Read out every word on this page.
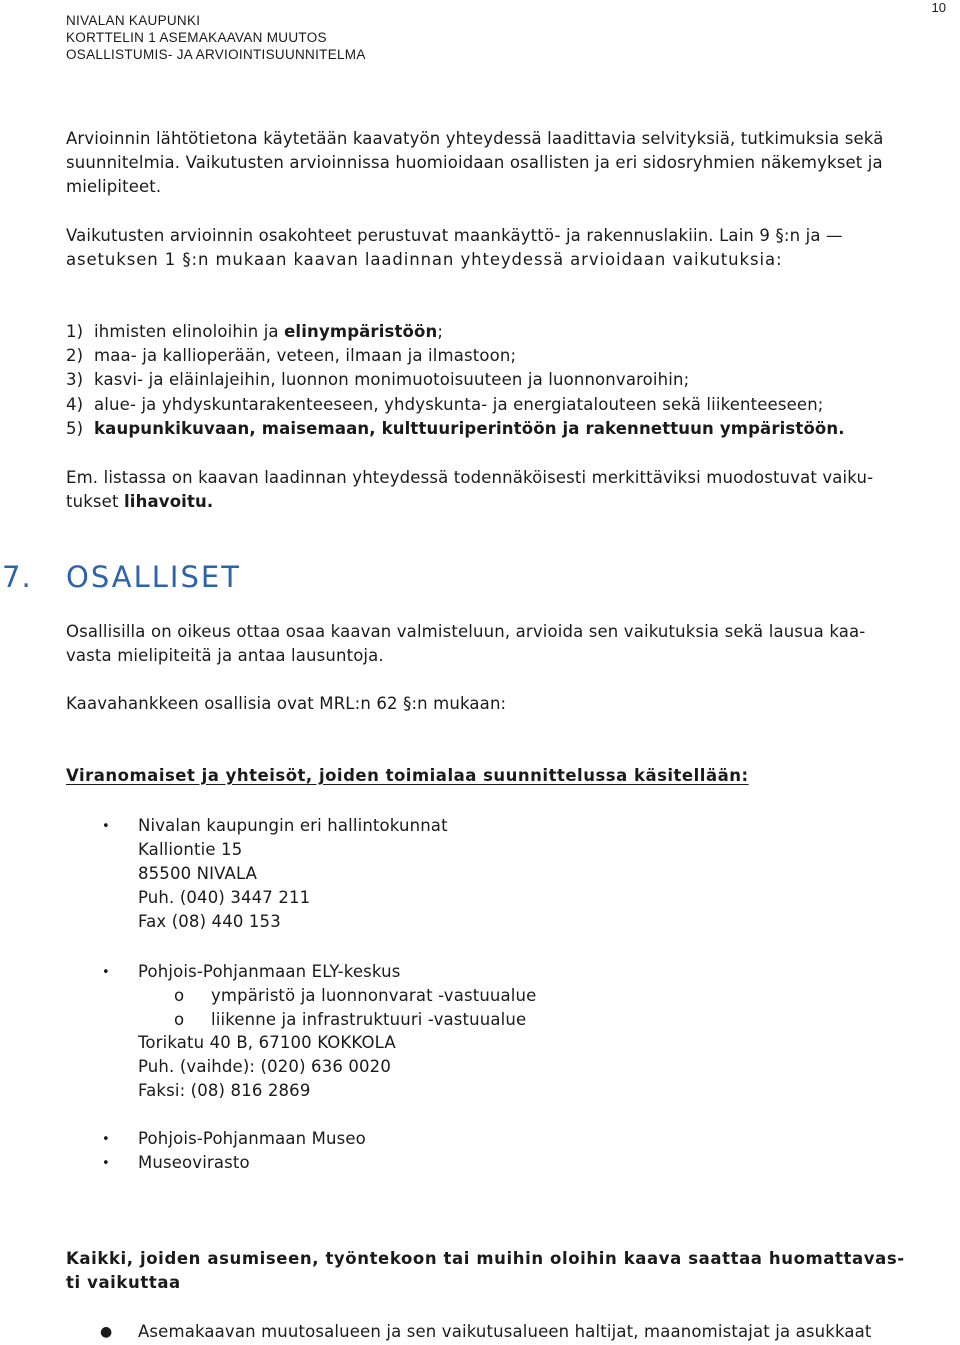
NIVALAN KAUPUNKI
KORTTELIN 1 ASEMAKAAVAN MUUTOS
OSALLISTUMIS- JA ARVIOINTISUUNNITELMA
10
Arvioinnin lähtötietona käytetään kaavatyön yhteydessä laadittavia selvityksiä, tutkimuksia sekä
suunnitelmia. Vaikutusten arvioinnissa huomioidaan osallisten ja eri sidosryhmien näkemykset ja
mielipiteet.
Vaikutusten arvioinnin osakohteet perustuvat maankäyttö- ja rakennuslakiin. Lain 9 §:n ja —
asetuksen 1 §:n mukaan kaavan laadinnan yhteydessä arvioidaan vaikutuksia:
1) ihmisten elinoloihin ja elinympäristöön;
2) maa- ja kallioperään, veteen, ilmaan ja ilmastoon;
3) kasvi- ja eläinlajeihin, luonnon monimuotoisuuteen ja luonnonvaroihin;
4) alue- ja yhdyskuntarakenteeseen, yhdyskunta- ja energiatalouteen sekä liikenteeseen;
5) kaupunkikuvaan, maisemaan, kulttuuriperintöön ja rakennettuun ympäristöön.
Em. listassa on kaavan laadinnan yhteydessä todennäköisesti merkittäviksi muodostuvat vaiku-
tukset lihavoitu.
7. OSALLISET
Osallisilla on oikeus ottaa osaa kaavan valmisteluun, arvioida sen vaikutuksia sekä lausua kaa-
vasta mielipiteitä ja antaa lausuntoja.
Kaavahankkeen osallisia ovat MRL:n 62 §:n mukaan:
Viranomaiset ja yhteisöt, joiden toimialaa suunnittelussa käsitellään:
• Nivalan kaupungin eri hallintokunnat
Kalliontie 15
85500 NIVALA
Puh. (040) 3447 211
Fax (08) 440 153
• Pohjois-Pohjanmaan ELY-keskus
o ympäristö ja luonnonvarat -vastuualue
o liikenne ja infrastruktuuri -vastuualue
Torikatu 40 B, 67100 KOKKOLA
Puh. (vaihde): (020) 636 0020
Faksi: (08) 816 2869
• Pohjois-Pohjanmaan Museo
• Museovirasto
Kaikki, joiden asumiseen, työntekoon tai muihin oloihin kaava saattaa huomattavas-
ti vaikuttaa
● Asemakaavan muutosalueen ja sen vaikutusalueen haltijat, maanomistajat ja asukkaat
